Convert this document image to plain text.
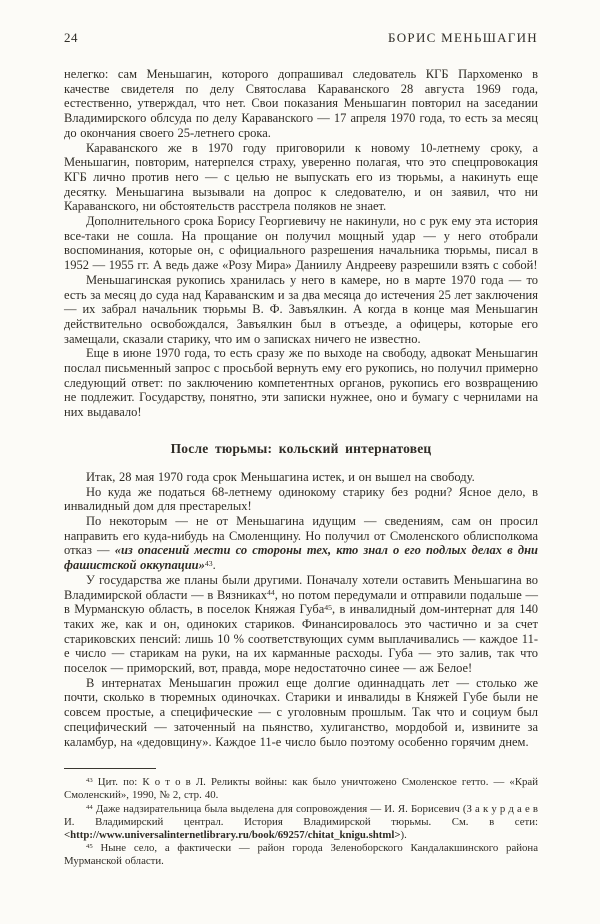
24	БОРИС МЕНЬШАГИН

нелегко: сам Меньшагин, которого допрашивал следователь КГБ Пархоменко в качестве свидетеля по делу Святослава Караванского 28 августа 1969 года, естественно, утверждал, что нет. Свои показания Меньшагин повторил на заседании Владимирского облсуда по делу Караванского — 17 апреля 1970 года, то есть за месяц до окончания своего 25-летнего срока.

Караванского же в 1970 году приговорили к новому 10-летнему сроку, а Меньшагин, повторим, натерпелся страху, уверенно полагая, что это спецпровокация КГБ лично против него — с целью не выпускать его из тюрьмы, а накинуть еще десятку. Меньшагина вызывали на допрос к следователю, и он заявил, что ни Караванского, ни обстоятельств расстрела поляков не знает.

Дополнительного срока Борису Георгиевичу не накинули, но с рук ему эта история все-таки не сошла. На прощание он получил мощный удар — у него отобрали воспоминания, которые он, с официального разрешения начальника тюрьмы, писал в 1952 — 1955 гг. А ведь даже «Розу Мира» Даниилу Андрееву разрешили взять с собой!

Меньшагинская рукопись хранилась у него в камере, но в марте 1970 года — то есть за месяц до суда над Караванским и за два месяца до истечения 25 лет заключения — их забрал начальник тюрьмы В. Ф. Завъялкин. А когда в конце мая Меньшагин действительно освобождался, Завъялкин был в отъезде, а офицеры, которые его замещали, сказали старику, что им о записках ничего не известно.

Еще в июне 1970 года, то есть сразу же по выходе на свободу, адвокат Меньшагин послал письменный запрос с просьбой вернуть ему его рукопись, но получил примерно следующий ответ: по заключению компетентных органов, рукопись его возвращению не подлежит. Государству, понятно, эти записки нужнее, оно и бумагу с чернилами на них выдавало!

После тюрьмы: кольский интернатовец

Итак, 28 мая 1970 года срок Меньшагина истек, и он вышел на свободу.

Но куда же податься 68-летнему одинокому старику без родни? Ясное дело, в инвалидный дом для престарелых!

По некоторым — не от Меньшагина идущим — сведениям, сам он просил направить его куда-нибудь на Смоленщину. Но получил от Смоленского облисполкома отказ — «из опасений мести со стороны тех, кто знал о его подлых делах в дни фашистской оккупации»$^{43}$.

У государства же планы были другими. Поначалу хотели оставить Меньшагина во Владимирской области — в Вязниках$^{44}$, но потом передумали и отправили подальше — в Мурманскую область, в поселок Княжая Губа$^{45}$, в инвалидный дом-интернат для 140 таких же, как и он, одиноких стариков. Финансировалось это частично и за счет стариковских пенсий: лишь 10 % соответствующих сумм выплачивались — каждое 11-е число — старикам на руки, на их карманные расходы. Губа — это залив, так что поселок — приморский, вот, правда, море недостаточно синее — аж Белое!

В интернатах Меньшагин прожил еще долгие одиннадцать лет — столько же почти, сколько в тюремных одиночках. Старики и инвалиды в Княжей Губе были не совсем простые, а специфические — с уголовным прошлым. Так что и социум был специфический — заточенный на пьянство, хулиганство, мордобой и, извините за каламбур, на «дедовщину». Каждое 11-е число было поэтому особенно горячим днем.

$^{43}$ Цит. по: К о т о в Л. Реликты войны: как было уничтожено Смоленское гетто. — «Край Смоленский», 1990, № 2, стр. 40.

$^{44}$ Даже надзирательница была выделена для сопровождения — И. Я. Борисевич (З а к у р д а е в И. Владимирский централ. История Владимирской тюрьмы. См. в сети: <http://www.universalinternetlibrary.ru/book/69257/chitat_knigu.shtml>).

$^{45}$ Ныне село, а фактически — район города Зеленоборского Кандалакшинского района Мурманской области.
